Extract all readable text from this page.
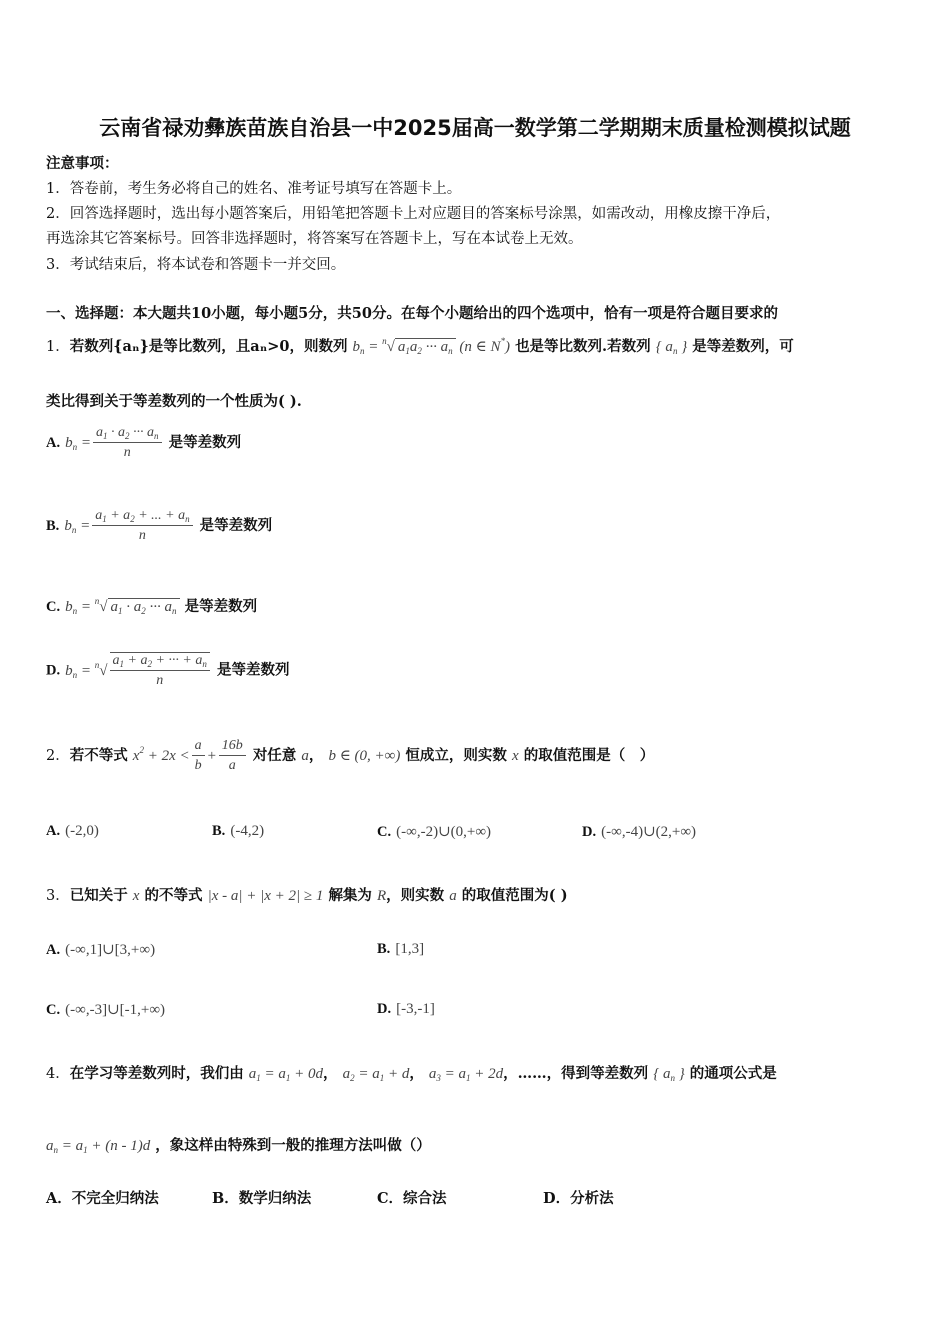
云南省禄劝彝族苗族自治县一中2025届高一数学第二学期期末质量检测模拟试题
注意事项：
1．答卷前，考生务必将自己的姓名、准考证号填写在答题卡上。
2．回答选择题时，选出每小题答案后，用铅笔把答题卡上对应题目的答案标号涂黑，如需改动，用橡皮擦干净后，
再选涂其它答案标号。回答非选择题时，将答案写在答题卡上，写在本试卷上无效。
3．考试结束后，将本试卷和答题卡一并交回。
一、选择题：本大题共10小题，每小题5分，共50分。在每个小题给出的四个选项中，恰有一项是符合题目要求的
1．若数列{aₙ}是等比数列，且aₙ>0，则数列 $b_n = ^n√$ $a_1a_2$ ··· $a_n$ (n ∈ N*) 也是等比数列.若数列 { $a_n$ } 是等差数列，可
类比得到关于等差数列的一个性质为( ).
A. $b_n = \frac{a_1 \cdot a_2 \cdot\cdot\cdot a_n}{n}$ 是等差数列
B. $b_n = \frac{a_1 + a_2 + ... + a_n}{n}$ 是等差数列
C. $b_n = ^n√$ $a_1 \cdot a_2$ ··· $a_n$ 是等差数列
D. $b_n = ^n√ \frac{a_1 + a_2 + \cdot\cdot\cdot + a_n}{n}$ 是等差数列
2．若不等式 $x^2 + 2x < \frac{a}{b} + \frac{16b}{a}$ 对任意 a， b ∈ (0, +∞) 恒成立，则实数 x 的取值范围是（　）
A. (-2,0)	B. (-4,2)	C. (-∞,-2)∪(0,+∞)	D. (-∞,-4)∪(2,+∞)
3．已知关于 x 的不等式 |x - a| + |x + 2| ≥ 1 解集为 R，则实数 a 的取值范围为( )
A. (-∞,1]∪[3,+∞)	B. [1,3]
C. (-∞,-3]∪[-1,+∞)	D. [-3,-1]
4．在学习等差数列时，我们由 $a_1 = a_1 + 0d$， $a_2 = a_1 + d$， $a_3 = a_1 + 2d$，……，得到等差数列 { $a_n$ } 的通项公式是
$a_n = a_1 + (n - 1)d$ ，象这样由特殊到一般的推理方法叫做（）
A．不完全归纳法	B．数学归纳法	C．综合法	D．分析法
